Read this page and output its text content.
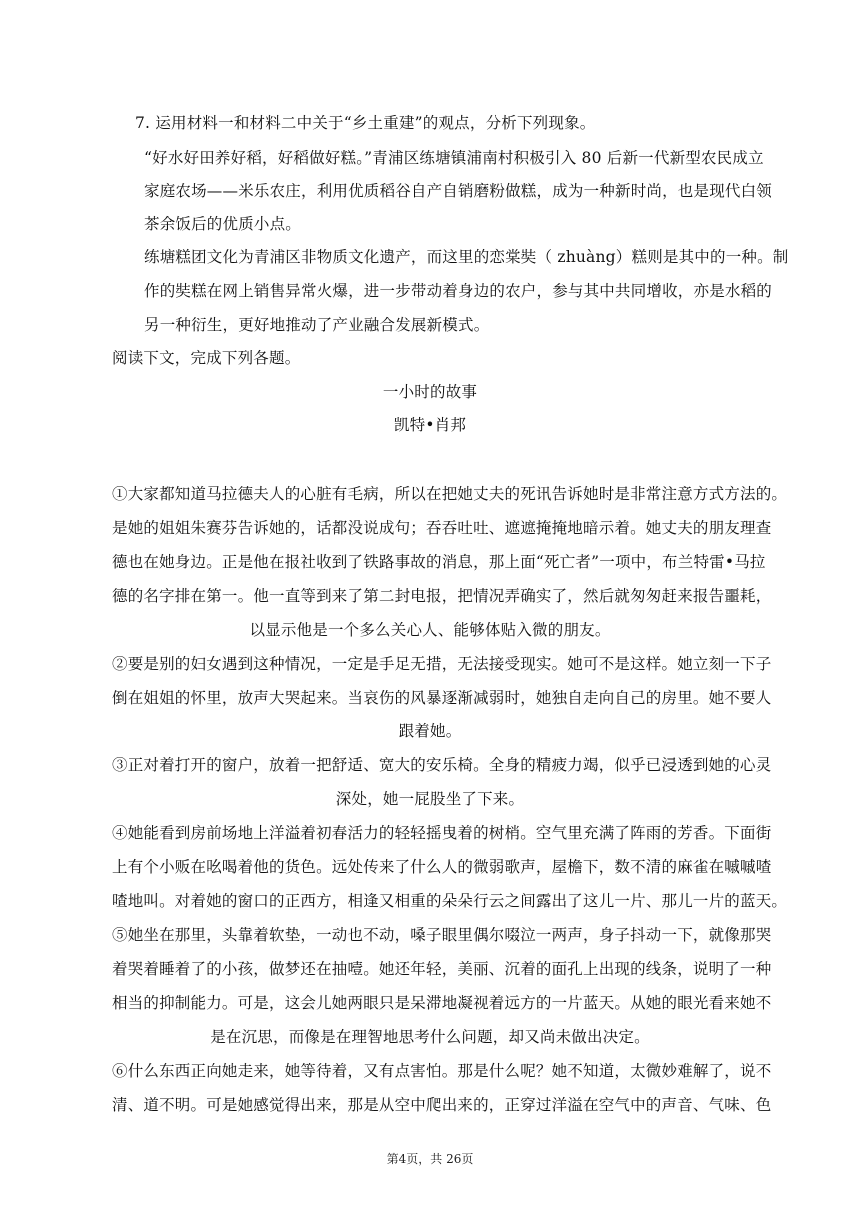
7. 运用材料一和材料二中关于“乡土重建”的观点，分析下列现象。
“好水好田养好稻，好稻做好糕。”青浦区练塘镇浦南村积极引入 80 后新一代新型农民成立
家庭农场——米乐农庄，利用优质稻谷自产自销磨粉做糕，成为一种新时尚，也是现代白领
茶余饭后的优质小点。
练塘糕团文化为青浦区非物质文化遗产，而这里的恋棠奘（ zhuàng）糕则是其中的一种。制
作的奘糕在网上销售异常火爆，进一步带动着身边的农户，参与其中共同增收，亦是水稻的
另一种衍生，更好地推动了产业融合发展新模式。
阅读下文，完成下列各题。
一小时的故事
凯特•肖邦
①大家都知道马拉德夫人的心脏有毛病，所以在把她丈夫的死讯告诉她时是非常注意方式方法的。
是她的姐姐朱赛芬告诉她的，话都没说成句；吞吞吐吐、遮遮掩掩地暗示着。她丈夫的朋友理查
德也在她身边。正是他在报社收到了铁路事故的消息，那上面“死亡者”一项中，布兰特雷•马拉
德的名字排在第一。他一直等到来了第二封电报，把情况弄确实了，然后就匆匆赶来报告噩耗，
以显示他是一个多么关心人、能够体贴入微的朋友。
②要是别的妇女遇到这种情况，一定是手足无措，无法接受现实。她可不是这样。她立刻一下子
倒在姐姐的怀里，放声大哭起来。当哀伤的风暴逐渐减弱时，她独自走向自己的房里。她不要人
跟着她。
③正对着打开的窗户，放着一把舒适、宽大的安乐椅。全身的精疲力竭，似乎已浸透到她的心灵
深处，她一屁股坐了下来。
④她能看到房前场地上洋溢着初春活力的轻轻摇曳着的树梢。空气里充满了阵雨的芳香。下面街
上有个小贩在吆喝着他的货色。远处传来了什么人的微弱歌声，屋檐下，数不清的麻雀在嘁嘁喳
喳地叫。对着她的窗口的正西方，相逢又相重的朵朵行云之间露出了这儿一片、那儿一片的蓝天。
⑤她坐在那里，头靠着软垫，一动也不动，嗓子眼里偶尔啜泣一两声，身子抖动一下，就像那哭
着哭着睡着了的小孩，做梦还在抽噎。她还年轻，美丽、沉着的面孔上出现的线条，说明了一种
相当的抑制能力。可是，这会儿她两眼只是呆滞地凝视着远方的一片蓝天。从她的眼光看来她不
是在沉思，而像是在理智地思考什么问题，却又尚未做出决定。
⑥什么东西正向她走来，她等待着，又有点害怕。那是什么呢？她不知道，太微妙难解了，说不
清、道不明。可是她感觉得出来，那是从空中爬出来的，正穿过洋溢在空气中的声音、气味、色
第4页，共 26页
